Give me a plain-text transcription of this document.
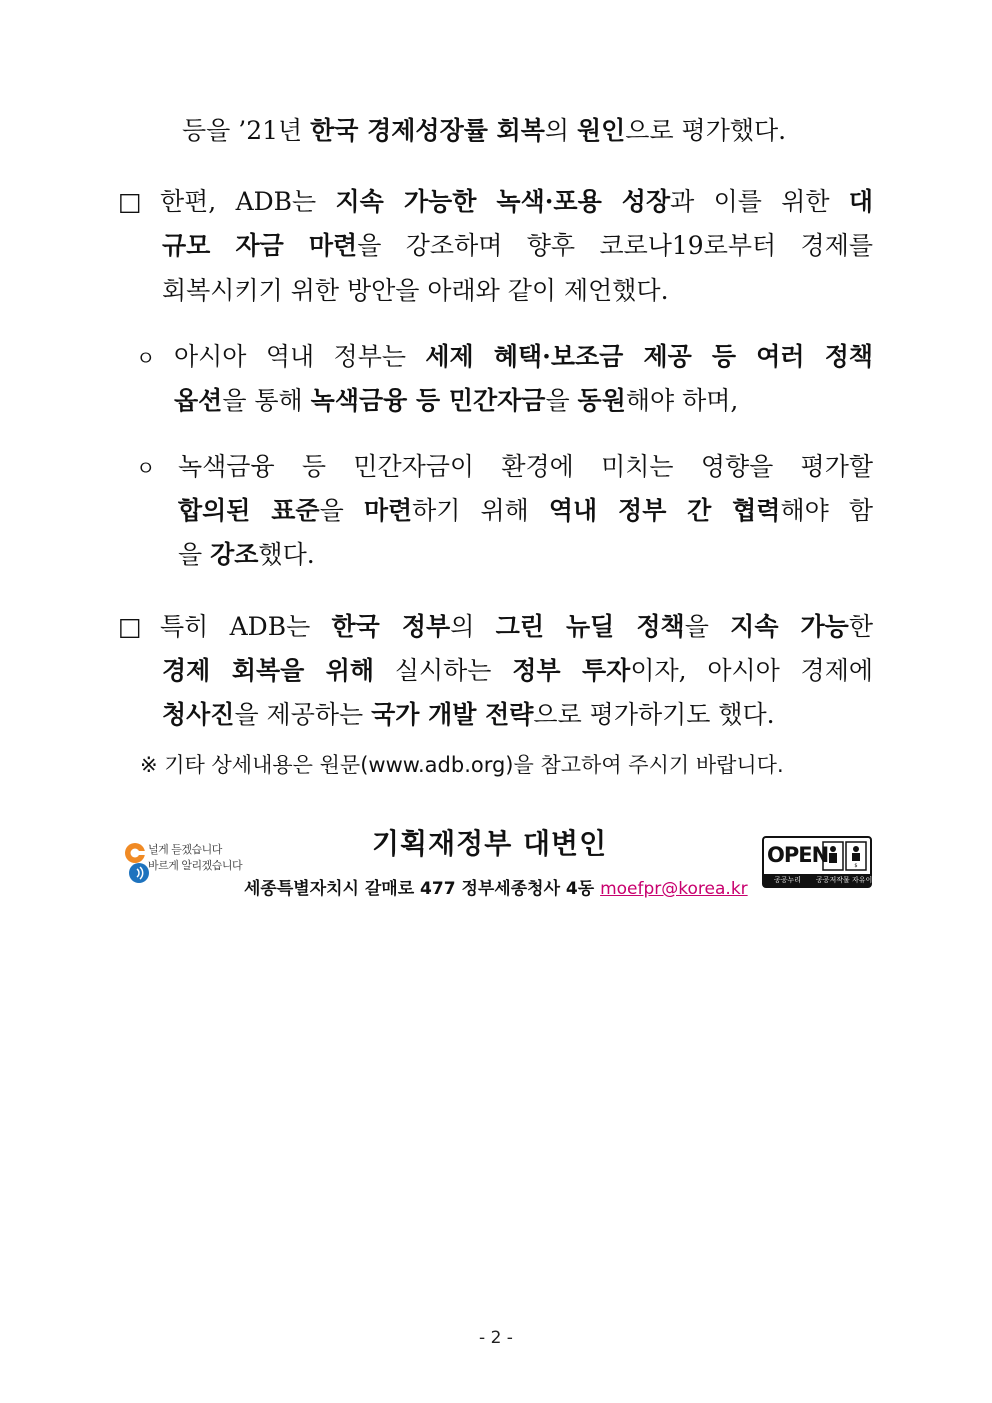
등을 ’21년 한국 경제성장률 회복의 원인으로 평가했다.
□ 한편, ADB는 지속 가능한 녹색·포용 성장과 이를 위한 대
규모 자금 마련을 강조하며 향후 코로나19로부터 경제를
회복시키기 위한 방안을 아래와 같이 제언했다.
ㅇ 아시아 역내 정부는 세제 혜택·보조금 제공 등 여러 정책
옵션을 통해 녹색금융 등 민간자금을 동원해야 하며,
ㅇ 녹색금융 등 민간자금이 환경에 미치는 영향을 평가할
합의된 표준을 마련하기 위해 역내 정부 간 협력해야 함
을 강조했다.
□ 특히 ADB는 한국 정부의 그린 뉴딜 정책을 지속 가능한
경제 회복을 위해 실시하는 정부 투자이자, 아시아 경제에
청사진을 제공하는 국가 개발 전략으로 평가하기도 했다.
※ 기타 상세내용은 원문(www.adb.org)을 참고하여 주시기 바랍니다.
널게 듣겠습니다
바르게 알리겠습니다
기획재정부 대변인
세종특별자치시 갈매로 477 정부세종청사 4동 moefpr@korea.kr
OPEN	$
공공누리 공공저작물 자유이용허락
- 2 -
